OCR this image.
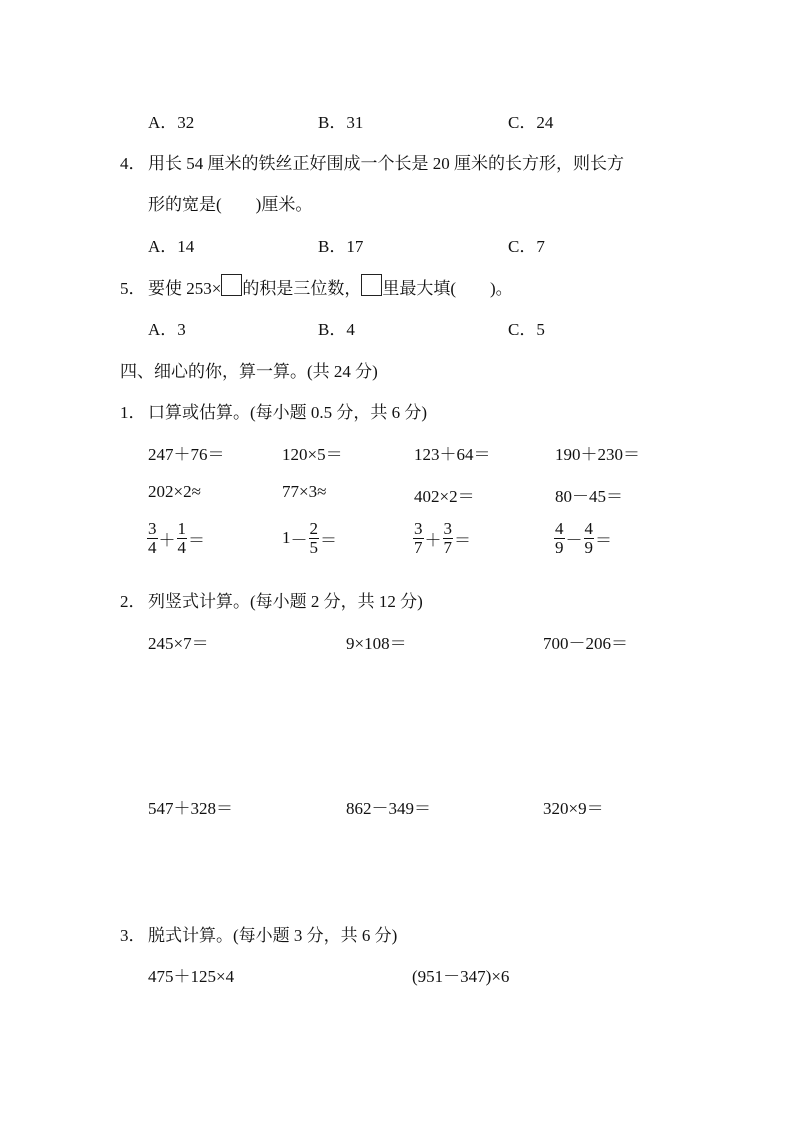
A．32	B．31	C．24
4． 用长 54 厘米的铁丝正好围成一个长是 20 厘米的长方形，则长方
形的宽是(　　)厘米。
A．14	B．17	C．7
5． 要使 253× 的积是三位数， 里最大填(　　)。
A．3	B．4	C．5
四、细心的你，算一算。(共 24 分)
1． 口算或估算。(每小题 0.5 分，共 6 分)
247＋76＝	120×5＝	123＋64＝	190＋230＝
202×2≈	77×3≈	402×2＝	80－45＝
$\frac{3}{4} + \frac{1}{4}$ ＝	$1- \frac{2}{5}$ ＝	$\frac{3}{7} + \frac{3}{7}$ ＝	$\frac{4}{9} - \frac{4}{9}$ ＝
2． 列竖式计算。(每小题 2 分，共 12 分)
245×7＝	9×108＝	700－206＝
547＋328＝	862－349＝	320×9＝
3． 脱式计算。(每小题 3 分，共 6 分)
475＋125×4	(951－347)×6
